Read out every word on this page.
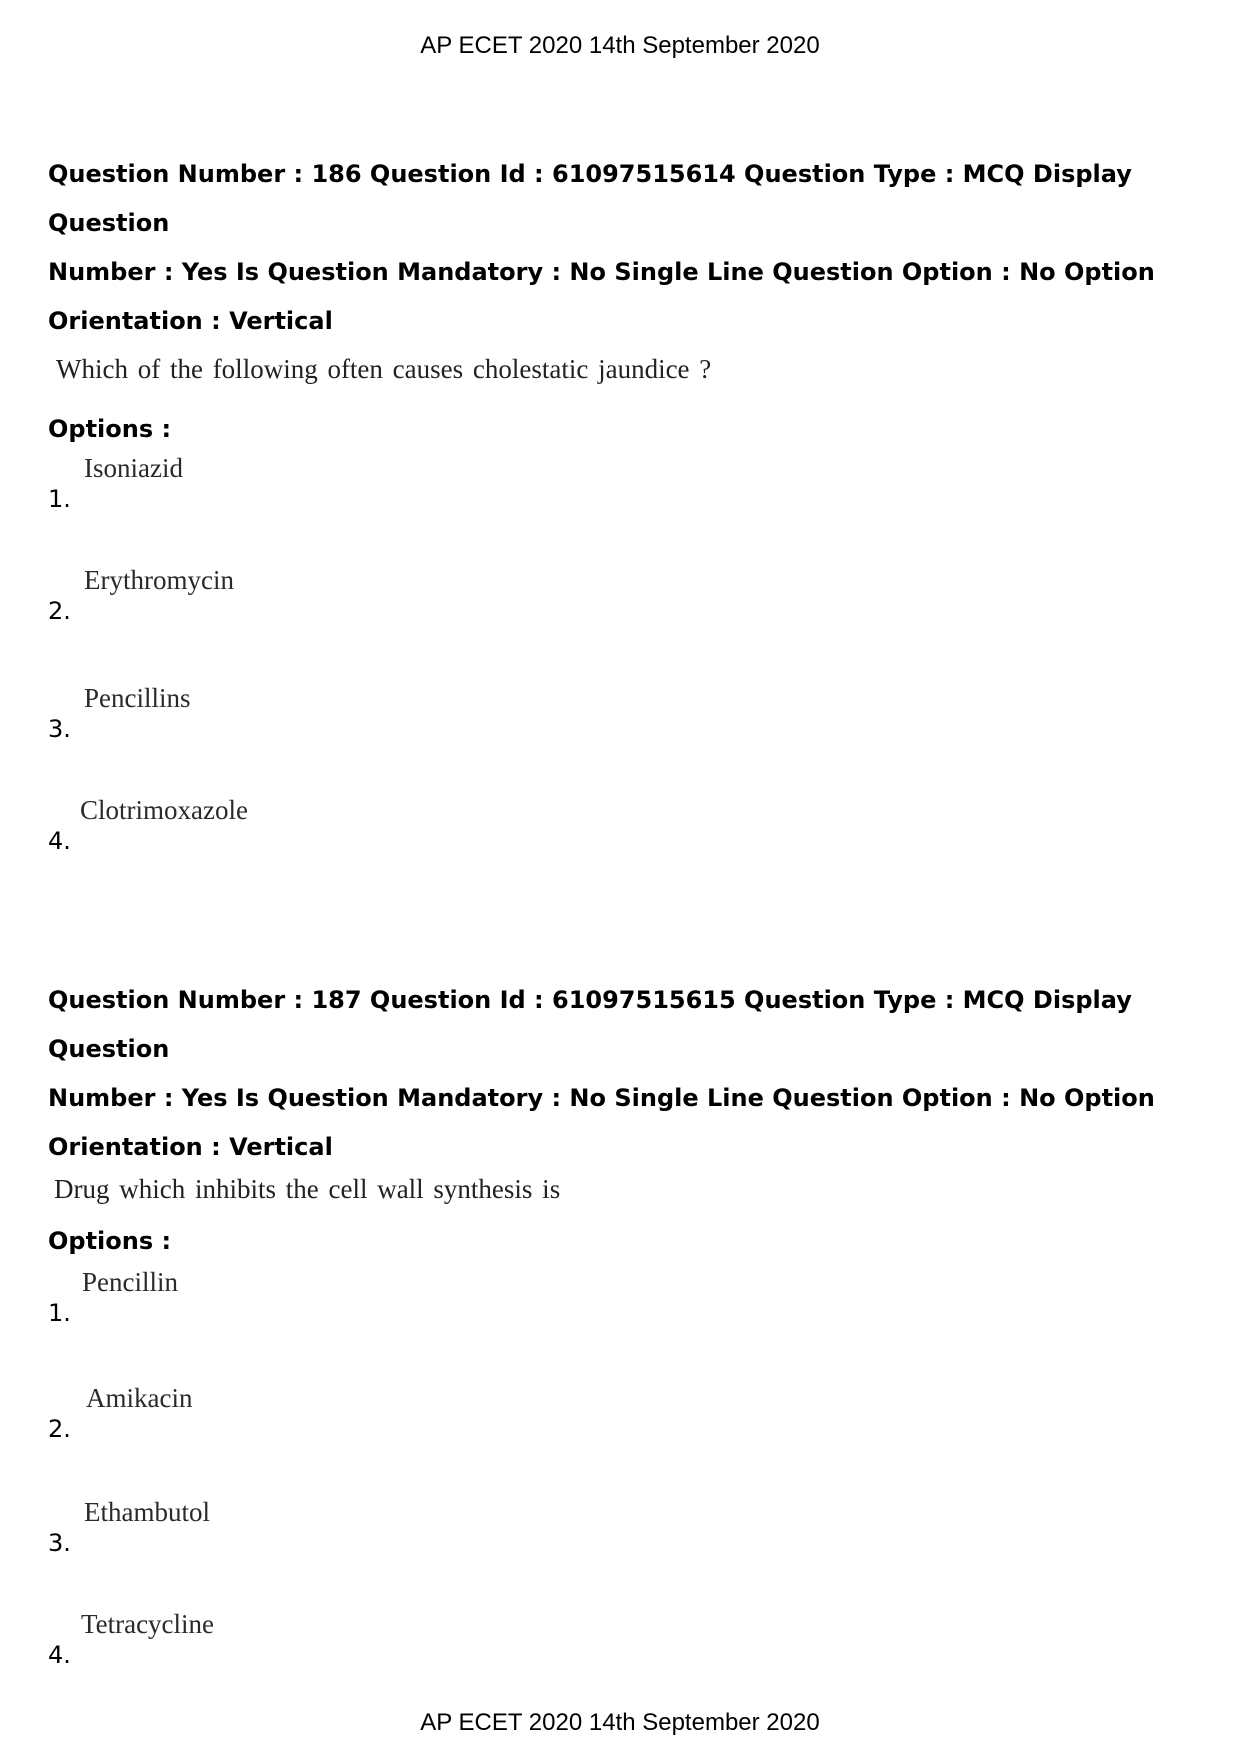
AP ECET 2020 14th September 2020
Question Number : 186 Question Id : 61097515614 Question Type : MCQ Display Question
Number : Yes Is Question Mandatory : No Single Line Question Option : No Option
Orientation : Vertical
Which of the following often causes cholestatic jaundice ?
Options :
1.
Isoniazid
2.
Erythromycin
3.
Pencillins
4.
Clotrimoxazole
Question Number : 187 Question Id : 61097515615 Question Type : MCQ Display Question
Number : Yes Is Question Mandatory : No Single Line Question Option : No Option
Orientation : Vertical
Drug which inhibits the cell wall synthesis is
Options :
1.
Pencillin
2.
Amikacin
3.
Ethambutol
4.
Tetracycline
AP ECET 2020 14th September 2020
